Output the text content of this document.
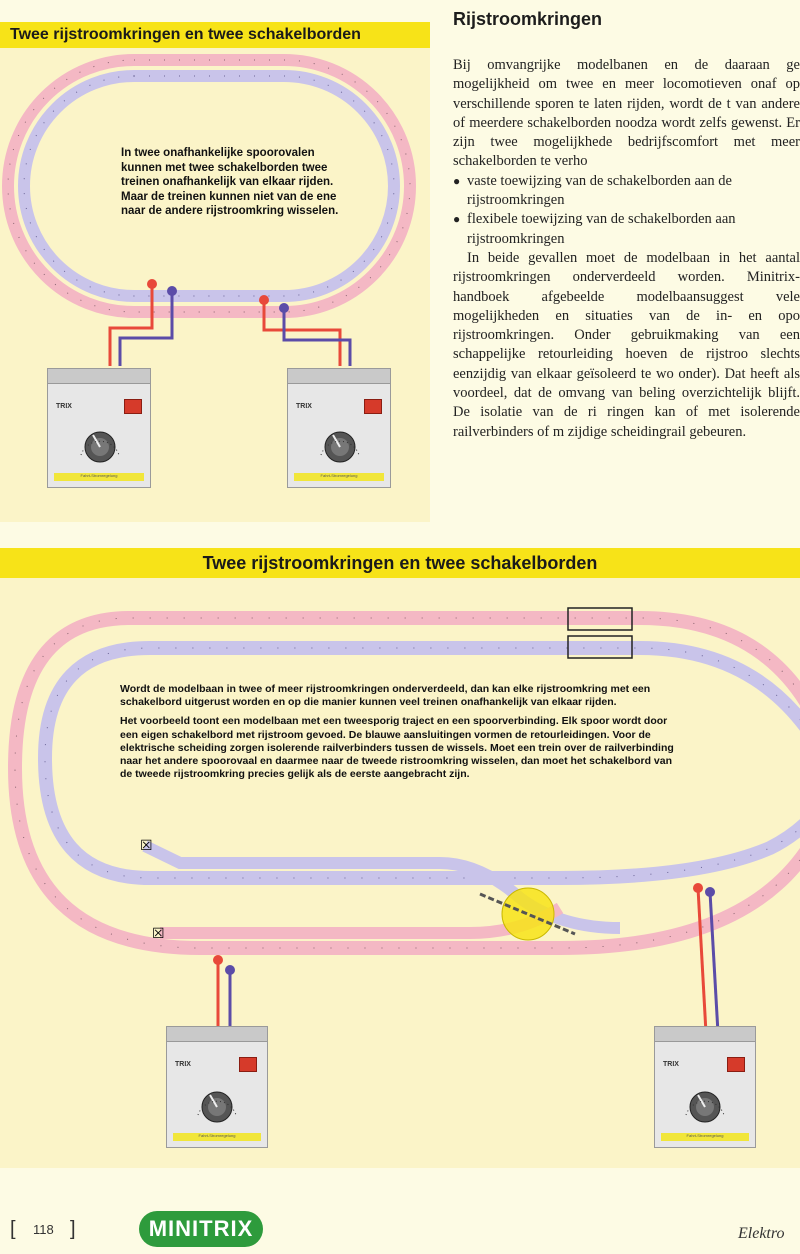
Twee rijstroomkringen en twee schakelborden
In twee onafhankelijke spoorovalen kunnen met twee schakelborden twee treinen onafhankelijk van elkaar rijden. Maar de treinen kunnen niet van de ene naar de andere rijstroomkring wisselen.
TRIX
Fahrt-Stromregelung
TRIX
Fahrt-Stromregelung
Rijstroomkringen

Bij omvangrijke modelbanen en de daaraan ge mogelijkheid om twee en meer locomotieven onaf op verschillende sporen te laten rijden, wordt de t van andere of meerdere schakelborden noodza wordt zelfs gewenst. Er zijn twee mogelijkhede bedrijfscomfort met meer schakelborden te verho

● vaste toewijzing van de schakelborden aan de rijstroomkringen

● flexibele toewijzing van de schakelborden aan rijstroomkringen

In beide gevallen moet de modelbaan in het aantal rijstroomkringen onderverdeeld worden. Minitrix-handboek afgebeelde modelbaansuggest vele mogelijkheden en situaties van de in- en opo rijstroomkringen. Onder gebruikmaking van een schappelijke retourleiding hoeven de rijstroo slechts eenzijdig van elkaar geïsoleerd te wo onder). Dat heeft als voordeel, dat de omvang van beling overzichtelijk blijft. De isolatie van de ri ringen kan of met isolerende railverbinders of m zijdige scheidingrail gebeuren.

Twee rijstroomkringen en twee schakelborden
☒
☒
Wordt de modelbaan in twee of meer rijstroomkringen onderverdeeld, dan kan elke rijstroomkring met een schakelbord uitgerust worden en op die manier kunnen veel treinen onafhankelijk van elkaar rijden.
Het voorbeeld toont een modelbaan met een tweesporig traject en een spoorverbinding. Elk spoor wordt door een eigen schakelbord met rijstroom gevoed. De blauwe aansluitingen vormen de retourleidingen. Voor de elektrische scheiding zorgen isolerende railverbinders tussen de wissels. Moet een trein over de railverbinding naar het andere spoorovaal en daarmee naar de tweede ristroomkring wisselen, dan moet het schakelbord van de tweede rijstroomkring precies gelijk als de eerste aangebracht zijn.
TRIX
Fahrt-Stromregelung
TRIX
Fahrt-Stromregelung
[ 118 ]	MINITRIX	Elektro
